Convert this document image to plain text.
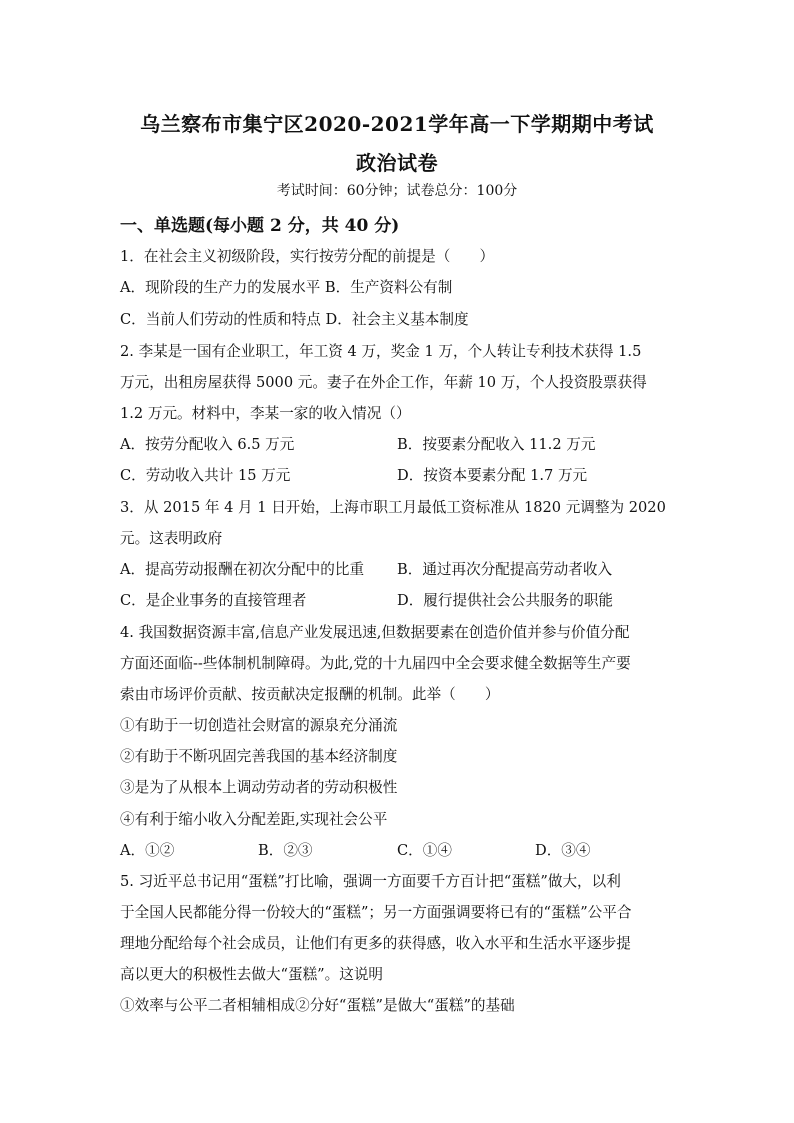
乌兰察布市集宁区2020-2021学年高一下学期期中考试
政治试卷
考试时间：60分钟；试卷总分：100分
一、单选题(每小题 2 分，共 40 分)
1．在社会主义初级阶段，实行按劳分配的前提是（　　）
A．现阶段的生产力的发展水平 B．生产资料公有制
C．当前人们劳动的性质和特点 D．社会主义基本制度
2. 李某是一国有企业职工，年工资 4 万，奖金 1 万，个人转让专利技术获得 1.5
万元，出租房屋获得 5000 元。妻子在外企工作，年薪 10 万，个人投资股票获得
1.2 万元。材料中，李某一家的收入情况（）
A．按劳分配收入 6.5 万元	B．按要素分配收入 11.2 万元
C．劳动收入共计 15 万元	D．按资本要素分配 1.7 万元
3．从 2015 年 4 月 1 日开始，上海市职工月最低工资标准从 1820 元调整为 2020
元。这表明政府
A．提高劳动报酬在初次分配中的比重 B．通过再次分配提高劳动者收入
C．是企业事务的直接管理者	D．履行提供社会公共服务的职能
4. 我国数据资源丰富,信息产业发展迅速,但数据要素在创造价值并参与价值分配
方面还面临--些体制机制障碍。为此,党的十九届四中全会要求健全数据等生产要
索由市场评价贡献、按贡献决定报酬的机制。此举（　　）
①有助于一切创造社会财富的源泉充分涌流
②有助于不断巩固完善我国的基本经济制度
③是为了从根本上调动劳动者的劳动积极性
④有利于缩小收入分配差距,实现社会公平
A．①②	B．②③	C．①④	D．③④
5. 习近平总书记用“蛋糕”打比喻，强调一方面要千方百计把“蛋糕”做大，以利
于全国人民都能分得一份较大的“蛋糕”；另一方面强调要将已有的“蛋糕”公平合
理地分配给每个社会成员，让他们有更多的获得感，收入水平和生活水平逐步提
高以更大的积极性去做大“蛋糕”。这说明
①效率与公平二者相辅相成②分好“蛋糕”是做大“蛋糕”的基础
